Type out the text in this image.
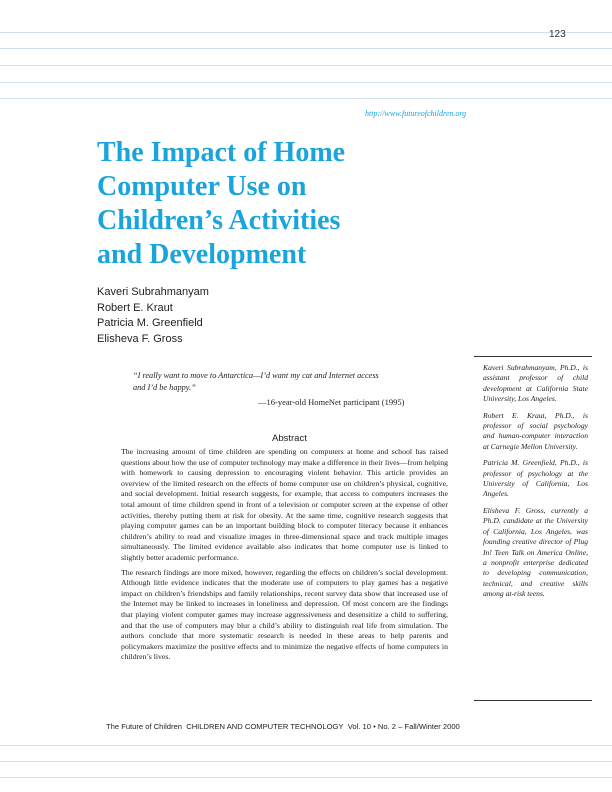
123
http://www.futureofchildren.org
The Impact of Home
Computer Use on
Children’s Activities
and Development
Kaveri Subrahmanyam
Robert E. Kraut
Patricia M. Greenfield
Elisheva F. Gross
“I really want to move to Antarctica—I’d want my cat and Internet access
and I’d be happy.”
—16-year-old HomeNet participant (1995)
Abstract

The increasing amount of time children are spending on computers at home and school has raised questions about how the use of computer technology may make a difference in their lives—from helping with homework to causing depression to encouraging violent behavior. This article provides an overview of the limited research on the effects of home computer use on children’s physical, cognitive, and social development. Initial research suggests, for example, that access to computers increases the total amount of time children spend in front of a television or computer screen at the expense of other activities, thereby putting them at risk for obesity. At the same time, cognitive research suggests that playing computer games can be an important building block to computer literacy because it enhances children’s ability to read and visualize images in three-dimensional space and track multiple images simultaneously. The limited evidence available also indicates that home computer use is linked to slightly better academic performance.

The research findings are more mixed, however, regarding the effects on children’s social development. Although little evidence indicates that the moderate use of computers to play games has a negative impact on children’s friendships and family relationships, recent survey data show that increased use of the Internet may be linked to increases in loneliness and depression. Of most concern are the findings that playing violent computer games may increase aggressiveness and desensitize a child to suffering, and that the use of computers may blur a child’s ability to distinguish real life from simulation. The authors conclude that more systematic research is needed in these areas to help parents and policymakers maximize the positive effects and to minimize the negative effects of home computers in children’s lives.

Kaveri Subrahmanyam, Ph.D., is assistant professor of child development at California State University, Los Angeles.

Robert E. Kraut, Ph.D., is professor of social psychology and human-computer interaction at Carnegie Mellon University.

Patricia M. Greenfield, Ph.D., is professor of psychology at the University of California, Los Angeles.

Elisheva F. Gross, currently a Ph.D. candidate at the University of California, Los Angeles, was founding creative director of Plug In! Teen Talk on America Online, a nonprofit enterprise dedicated to developing communication, technical, and creative skills among at-risk teens.

The Future of Children CHILDREN AND COMPUTER TECHNOLOGY Vol. 10 • No. 2 – Fall/Winter 2000
